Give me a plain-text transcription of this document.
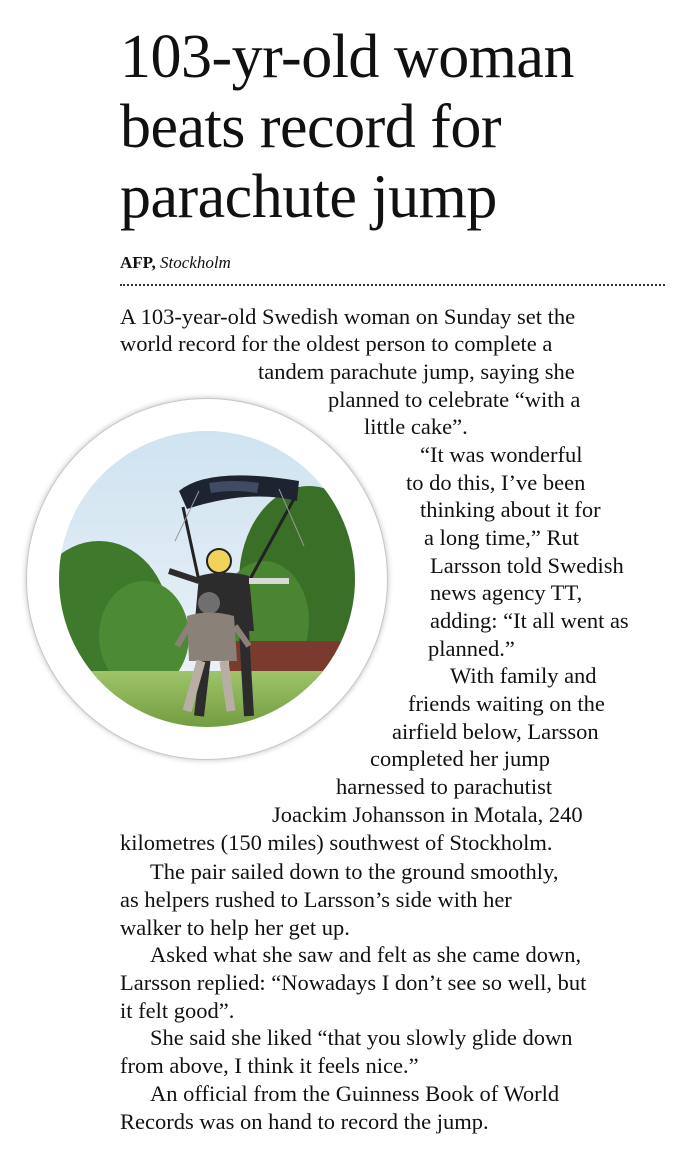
103-yr-old woman
beats record for
parachute jump
AFP, Stockholm
A 103-year-old Swedish woman on Sunday set the
world record for the oldest person to complete a
tandem parachute jump, saying she
planned to celebrate “with a
little cake”.
“It was wonderful
to do this, I’ve been
thinking about it for
a long time,” Rut
Larsson told Swedish
news agency TT,
adding: “It all went as
planned.”
With family and
friends waiting on the
airfield below, Larsson
completed her jump
harnessed to parachutist
Joackim Johansson in Motala, 240
kilometres (150 miles) southwest of Stockholm.
The pair sailed down to the ground smoothly,
as helpers rushed to Larsson’s side with her
walker to help her get up.
Asked what she saw and felt as she came down,
Larsson replied: “Nowadays I don’t see so well, but
it felt good”.
She said she liked “that you slowly glide down
from above, I think it feels nice.”
An official from the Guinness Book of World
Records was on hand to record the jump.
